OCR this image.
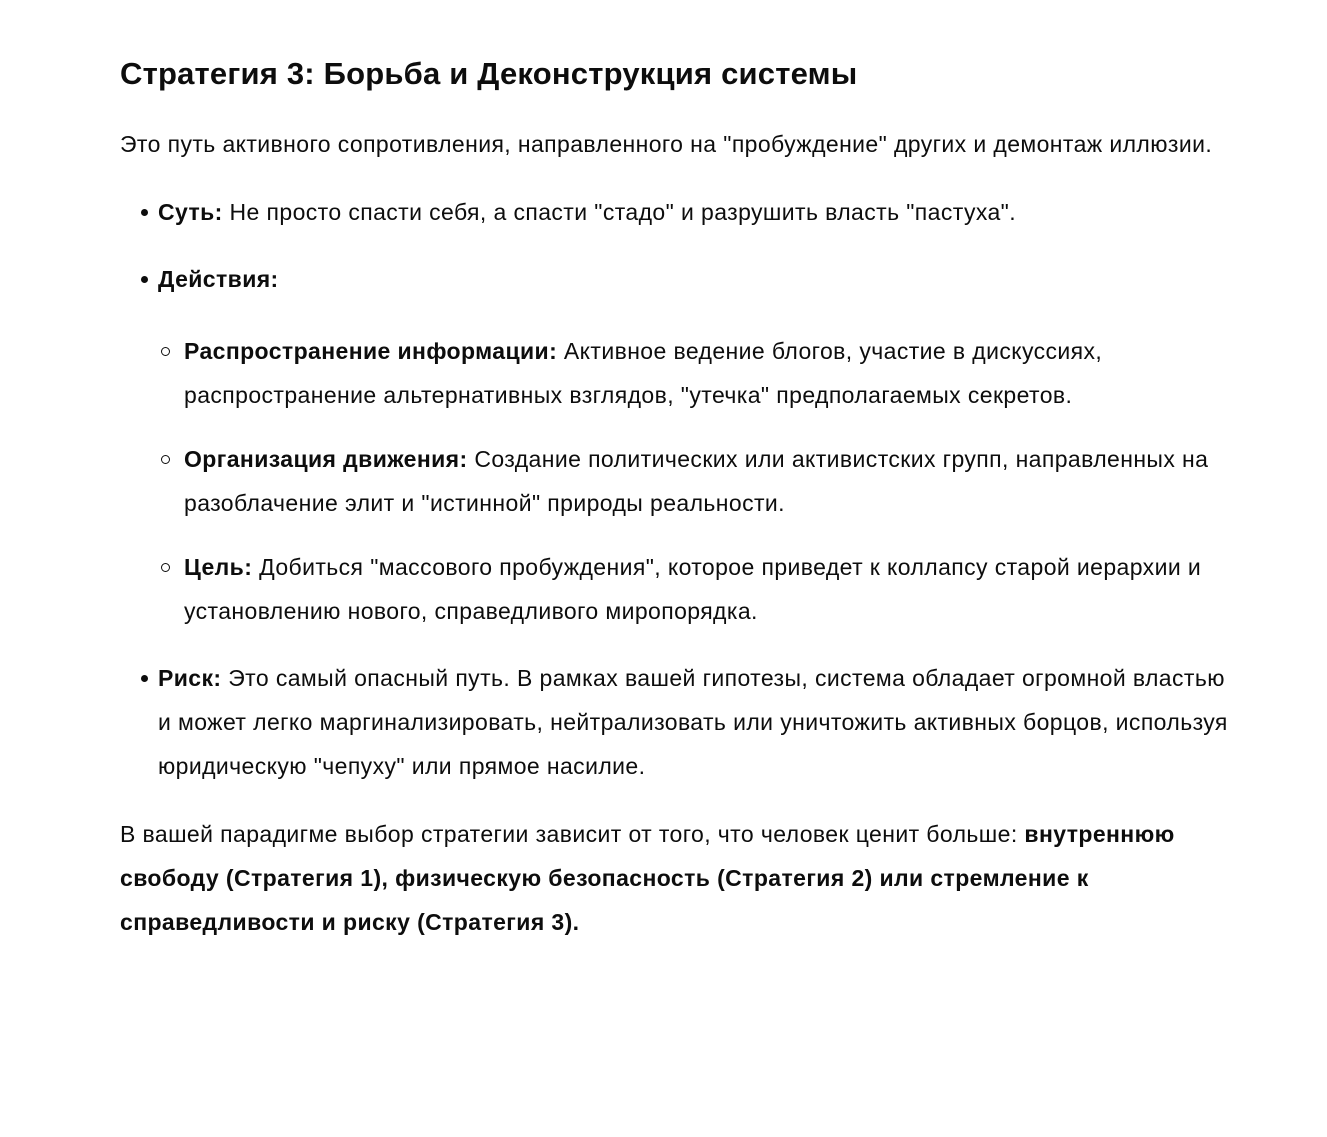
Стратегия 3: Борьба и Деконструкция системы

Это путь активного сопротивления, направленного на "пробуждение" других и демонтаж иллюзии.

Суть: Не просто спасти себя, а спасти "стадо" и разрушить власть "пастуха".
Действия:
Распространение информации: Активное ведение блогов, участие в дискуссиях, распространение альтернативных взглядов, "утечка" предполагаемых секретов.
Организация движения: Создание политических или активистских групп, направленных на разоблачение элит и "истинной" природы реальности.
Цель: Добиться "массового пробуждения", которое приведет к коллапсу старой иерархии и установлению нового, справедливого миропорядка.
Риск: Это самый опасный путь. В рамках вашей гипотезы, система обладает огромной властью и может легко маргинализировать, нейтрализовать или уничтожить активных борцов, используя юридическую "чепуху" или прямое насилие.

В вашей парадигме выбор стратегии зависит от того, что человек ценит больше: внутреннюю свободу (Стратегия 1), физическую безопасность (Стратегия 2) или стремление к справедливости и риску (Стратегия 3).
